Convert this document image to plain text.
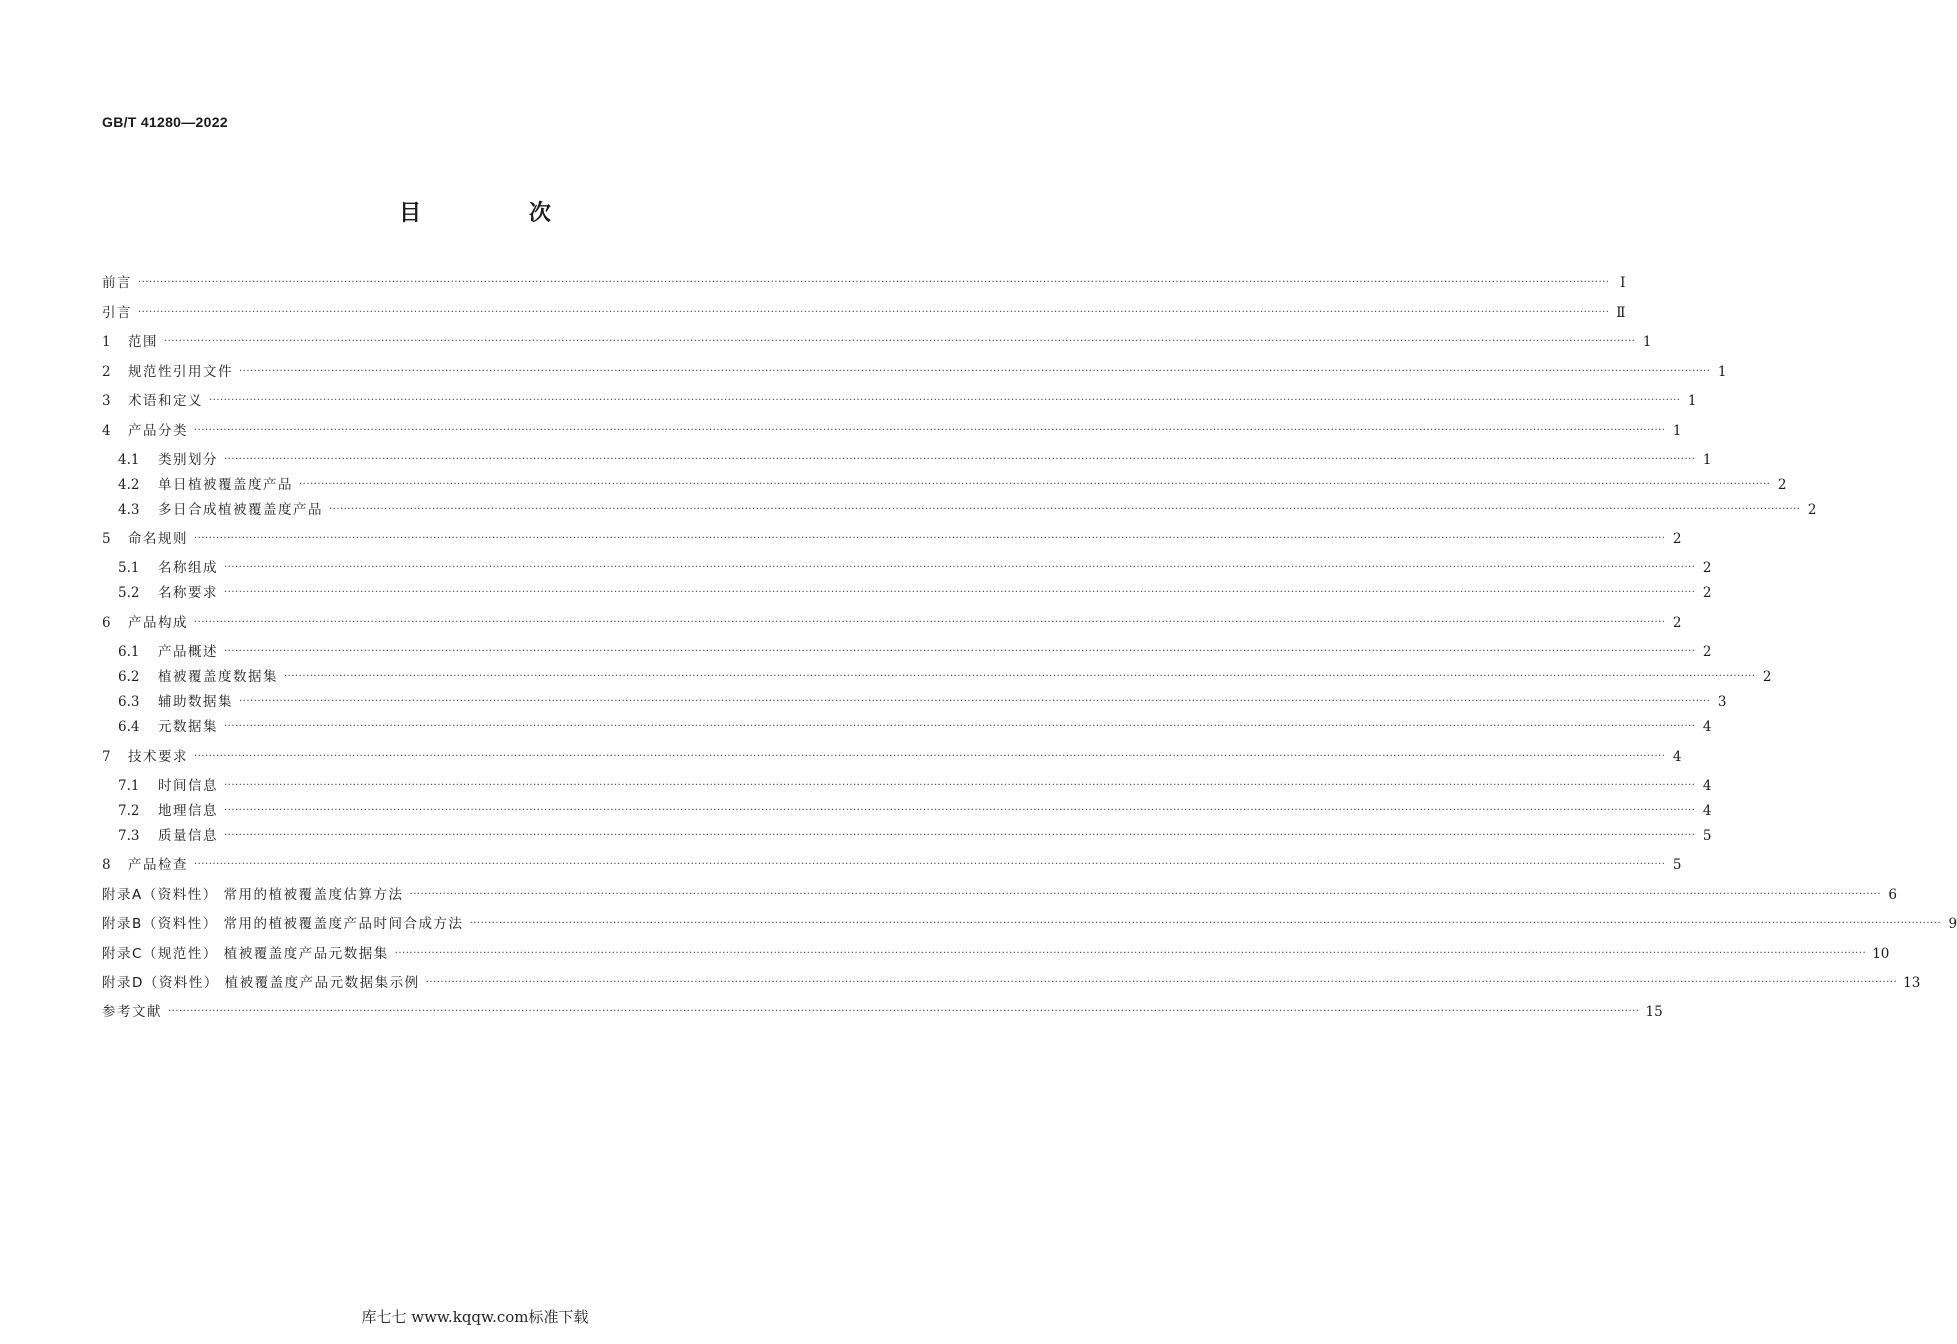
GB/T 41280—2022
目 次
前言 ················································································································································································································································································································································································································ Ⅰ
引言 ················································································································································································································································································································································································································ Ⅱ
1	范围 ················································································································································································································································································································································································································ 1
2	规范性引用文件 ················································································································································································································································································································································································································ 1
3	术语和定义 ················································································································································································································································································································································································································ 1
4	产品分类 ················································································································································································································································································································································································································ 1
4.1	类别划分 ················································································································································································································································································································································································································ 1
4.2	单日植被覆盖度产品 ················································································································································································································································································································································································································ 2
4.3	多日合成植被覆盖度产品 ················································································································································································································································································································································································································ 2
5	命名规则 ················································································································································································································································································································································································································ 2
5.1	名称组成 ················································································································································································································································································································································································································ 2
5.2	名称要求 ················································································································································································································································································································································································································ 2
6	产品构成 ················································································································································································································································································································································································································ 2
6.1	产品概述 ················································································································································································································································································································································································································ 2
6.2	植被覆盖度数据集 ················································································································································································································································································································································································································ 2
6.3	辅助数据集 ················································································································································································································································································································································································································ 3
6.4	元数据集 ················································································································································································································································································································································································································ 4
7	技术要求 ················································································································································································································································································································································································································ 4
7.1	时间信息 ················································································································································································································································································································································································································ 4
7.2	地理信息 ················································································································································································································································································································································································································ 4
7.3	质量信息 ················································································································································································································································································································································································································ 5
8	产品检查 ················································································································································································································································································································································································································ 5
附录A（资料性） 常用的植被覆盖度估算方法 ················································································································································································································································································································································································································ 6
附录B（资料性） 常用的植被覆盖度产品时间合成方法 ················································································································································································································································································································································································································ 9
附录C（规范性） 植被覆盖度产品元数据集 ················································································································································································································································································································································································································ 10
附录D（资料性） 植被覆盖度产品元数据集示例 ················································································································································································································································································································································································································ 13
参考文献 ················································································································································································································································································································································································································ 15
库七七 www.kqqw.com标准下载
